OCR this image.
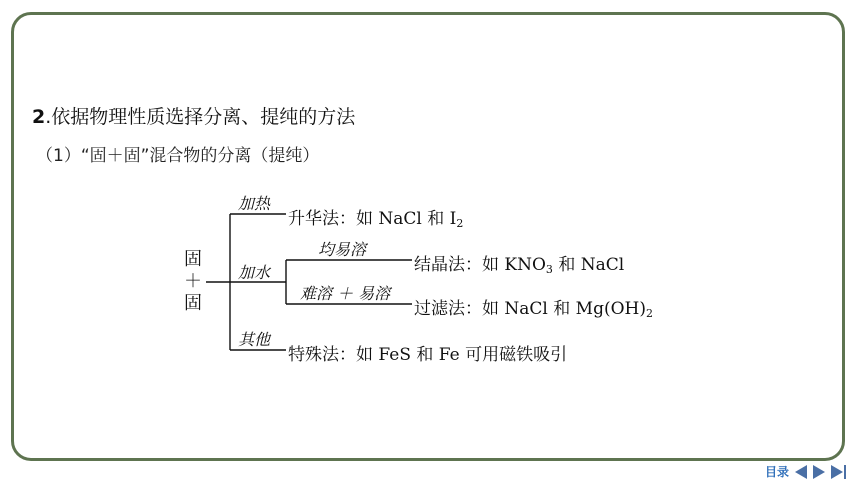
2.依据物理性质选择分离、提纯的方法
（1）“固＋固”混合物的分离（提纯）
固
＋
固
加热
升华法：如 NaCl 和 $I_2$
加水
均易溶
结晶法：如 $KNO_3$ 和 NaCl
难溶 ＋ 易溶
过滤法：如 NaCl 和 $Mg(OH)_2$
其他
特殊法：如 FeS 和 Fe 可用磁铁吸引
目录
